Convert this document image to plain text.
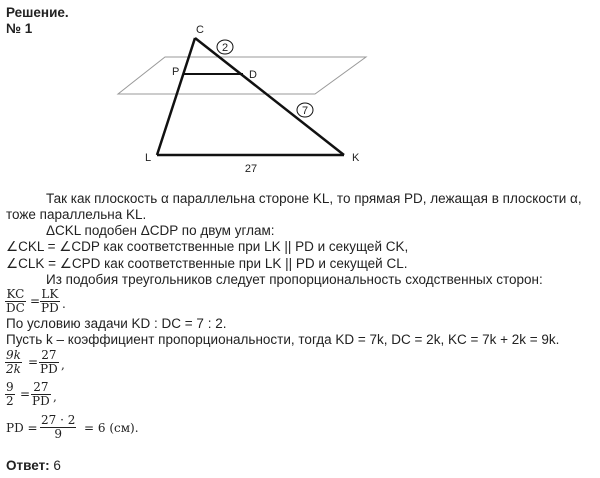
Решение.
№ 1
2
7
C
P	D
L	K
27
Так как плоскость α параллельна стороне KL, то прямая PD, лежащая в плоскости α,
тоже параллельна KL.
ΔCKL подобен ΔCDP по двум углам:
∠CKL = ∠CDP как соответственные при LK || PD и секущей CK,
∠CLK = ∠CPD как соответственные при LK || PD и секущей CL.
Из подобия треугольников следует пропорциональность сходственных сторон:
$\frac{KC}{DC} = \frac{LK}{PD}$ .
По условию задачи KD : DC = 7 : 2.
Пусть k – коэффициент пропорциональности, тогда KD = 7k, DC = 2k, KC = 7k + 2k = 9k.
$\frac{9k}{2k} = \frac{27}{PD}$ ,
$\frac{9}{2} = \frac{27}{PD}$ ,
PD = $\frac{27 \cdot 2}{9} = 6$ (см).
Ответ: 6
